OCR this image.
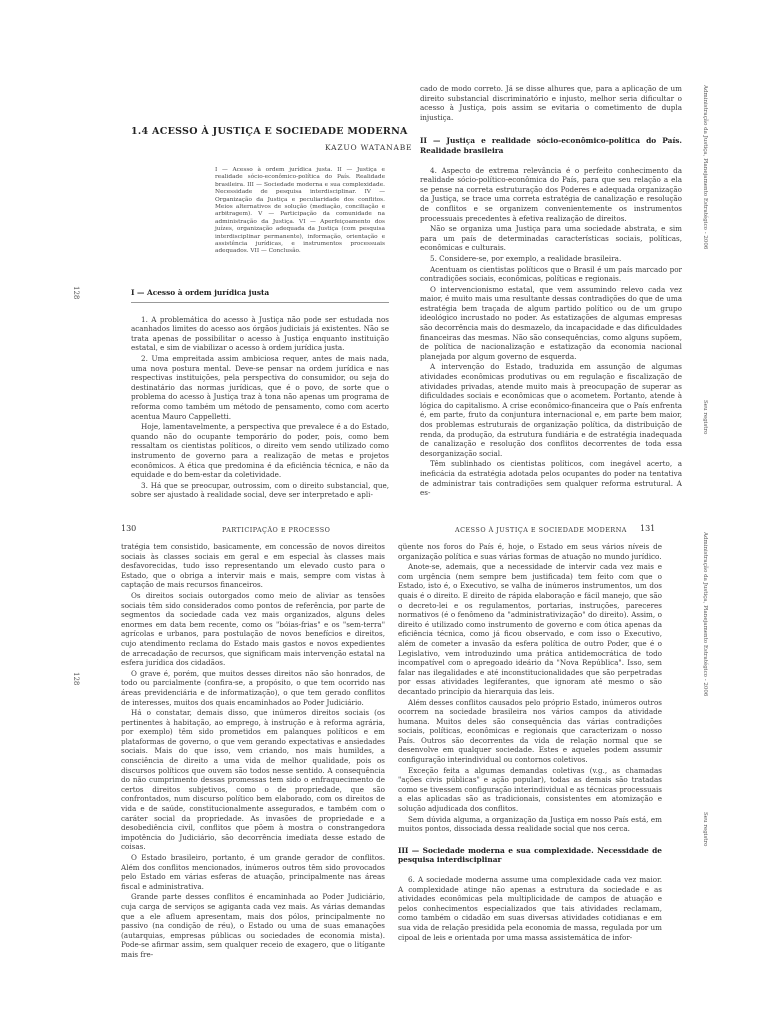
1.4 ACESSO À JUSTIÇA E SOCIEDADE MODERNA
KAZUO WATANABE
I — Acesso à ordem jurídica justa. II — Justiça e realidade sócio-econômico-política do País. Realidade brasileira. III — Sociedade moderna e sua complexidade. Necessidade de pesquisa interdisciplinar. IV — Organização da Justiça e peculiaridade dos conflitos. Meios alternativos de solução (mediação, conciliação e arbitragem). V — Participação da comunidade na administração da Justiça. VI — Aperfeiçoamento dos juízes, organização adequada da Justiça (com pesquisa interdisciplinar permanente), informação, orientação e assistência jurídicas, e instrumentos processuais adequados. VII — Conclusão.
128	I — Acesso à ordem jurídica justa

1. A problemática do acesso à Justiça não pode ser estudada nos acanhados limites do acesso aos órgãos judiciais já existentes. Não se trata apenas de possibilitar o acesso à Justiça enquanto instituição estatal, e sim de viabilizar o acesso à ordem jurídica justa.

2. Uma empreitada assim ambiciosa requer, antes de mais nada, uma nova postura mental. Deve-se pensar na ordem jurídica e nas respectivas instituições, pela perspectiva do consumidor, ou seja do destinatário das normas jurídicas, que é o povo, de sorte que o problema do acesso à Justiça traz à tona não apenas um programa de reforma como também um método de pensamento, como com acerto acentua Mauro Cappelletti.

Hoje, lamentavelmente, a perspectiva que prevalece é a do Estado, quando não do ocupante temporário do poder, pois, como bem ressaltam os cientistas políticos, o direito vem sendo utilizado como instrumento de governo para a realização de metas e projetos econômicos. A ética que predomina é da eficiência técnica, e não da equidade e do bem-estar da coletividade.

3. Há que se preocupar, outrossim, com o direito substancial, que, sobre ser ajustado à realidade social, deve ser interpretado e apli-

cado de modo correto. Já se disse alhures que, para a aplicação de um direito substancial discriminatório e injusto, melhor seria dificultar o acesso à Justiça, pois assim se evitaria o cometimento de dupla injustiça.

II — Justiça e realidade sócio-econômico-política do País. Realidade brasileira

4. Aspecto de extrema relevância é o perfeito conhecimento da realidade sócio-político-econômica do País, para que seu relação a ela se pense na correta estruturação dos Poderes e adequada organização da Justiça, se trace uma correta estratégia de canalização e resolução de conflitos e se organizem convenientemente os instrumentos processuais precedentes à efetiva realização de direitos.

Não se organiza uma Justiça para uma sociedade abstrata, e sim para um país de determinadas características sociais, políticas, econômicas e culturais.

5. Considere-se, por exemplo, a realidade brasileira.

Acentuam os cientistas políticos que o Brasil é um país marcado por contradições sociais, econômicas, políticas e regionais.

O intervencionismo estatal, que vem assumindo relevo cada vez maior, é muito mais uma resultante dessas contradições do que de uma estratégia bem traçada de algum partido político ou de um grupo ideológico incrustado no poder. As estatizações de algumas empresas são decorrência mais do desmazelo, da incapacidade e das dificuldades financeiras das mesmas. Não são consequências, como alguns supõem, de política de nacionalização e estatização da economia nacional planejada por algum governo de esquerda.

A intervenção do Estado, traduzida em assunção de algumas atividades econômicas produtivas ou em regulação e fiscalização de atividades privadas, atende muito mais à preocupação de superar as dificuldades sociais e econômicas que o acometem. Portanto, atende à lógica do capitalismo. A crise econômico-financeira que o País enfrenta é, em parte, fruto da conjuntura internacional e, em parte bem maior, dos problemas estruturais de organização política, da distribuição de renda, da produção, da estrutura fundiária e de estratégia inadequada de canalização e resolução dos conflitos decorrentes de toda essa desorganização social.

Têm sublinhado os cientistas políticos, com inegável acerto, a ineficácia da estratégia adotada pelos ocupantes do poder na tentativa de administrar tais contradições sem qualquer reforma estrutural. A es-

Administração da Justiça, Planejamento Estratégico - 2006
Seu registro
130	PARTICIPAÇÃO E PROCESSO	ACESSO À JUSTIÇA E SOCIEDADE MODERNA 131
128

tratégia tem consistido, basicamente, em concessão de novos direitos sociais às classes sociais em geral e em especial às classes mais desfavorecidas, tudo isso representando um elevado custo para o Estado, que o obriga a intervir mais e mais, sempre com vistas à captação de mais recursos financeiros.

Os direitos sociais outorgados como meio de aliviar as tensões sociais têm sido considerados como pontos de referência, por parte de segmentos da sociedade cada vez mais organizados, alguns deles enormes em data bem recente, como os "bóias-frias" e os "sem-terra" agrícolas e urbanos, para postulação de novos benefícios e direitos, cujo atendimento reclama do Estado mais gastos e novos expedientes de arrecadação de recursos, que significam mais intervenção estatal na esfera jurídica dos cidadãos.

O grave é, porém, que muitos desses direitos não são honrados, de todo ou parcialmente (confira-se, a propósito, o que tem ocorrido nas áreas previdenciária e de informatização), o que tem gerado conflitos de interesses, muitos dos quais encaminhados ao Poder Judiciário.

Há o constatar, demais disso, que inúmeros direitos sociais (os pertinentes à habitação, ao emprego, à instrução e à reforma agrária, por exemplo) têm sido prometidos em palanques políticos e em plataformas de governo, o que vem gerando expectativas e ansiedades sociais. Mais do que isso, vem criando, nos mais humildes, a consciência de direito a uma vida de melhor qualidade, pois os discursos políticos que ouvem são todos nesse sentido. A consequência do não cumprimento dessas promessas tem sido o enfraquecimento de certos direitos subjetivos, como o de propriedade, que são confrontados, num discurso político bem elaborado, com os direitos de vida e de saúde, constitucionalmente assegurados, e também com o caráter social da propriedade. As invasões de propriedade e a desobediência civil, conflitos que põem à mostra o constrangedora impotência do Judiciário, são decorrência imediata desse estado de coisas.

O Estado brasileiro, portanto, é um grande gerador de conflitos. Além dos conflitos mencionados, inúmeros outros têm sido provocados pelo Estado em várias esferas de atuação, principalmente nas áreas fiscal e administrativa.

Grande parte desses conflitos é encaminhada ao Poder Judiciário, cuja carga de serviços se agiganta cada vez mais. As várias demandas que a ele afluem apresentam, mais dos pólos, principalmente no passivo (na condição de réu), o Estado ou uma de suas emanações (autarquias, empresas públicas ou sociedades de economia mista). Pode-se afirmar assim, sem qualquer receio de exagero, que o litígante mais fre-

qüente nos foros do País é, hoje, o Estado em seus vários níveis de organização política e suas várias formas de atuação no mundo jurídico.

Anote-se, ademais, que a necessidade de intervir cada vez mais e com urgência (nem sempre bem justificada) tem feito com que o Estado, isto é, o Executivo, se valha de inúmeros instrumentos, um dos quais é o direito. E direito de rápida elaboração e fácil manejo, que são o decreto-lei e os regulamentos, portarias, instruções, pareceres normativos (é o fenômeno da "administrativização" do direito). Assim, o direito é utilizado como instrumento de governo e com ótica apenas da eficiência técnica, como já ficou observado, e com isso o Executivo, além de cometer a invasão da esfera política de outro Poder, que é o Legislativo, vem introduzindo uma prática antidemocrática de todo incompatível com o apregoado ideário da "Nova República". Isso, sem falar nas ilegalidades e até inconstitucionalidades que são perpetradas por essas atividades legiferantes, que ignoram até mesmo o são decantado princípio da hierarquia das leis.

Além desses conflitos causados pelo próprio Estado, inúmeros outros ocorrem na sociedade brasileira nos vários campos da atividade humana. Muitos deles são consequência das várias contradições sociais, políticas, econômicas e regionais que caracterizam o nosso País. Outros são decorrentes da vida de relação normal que se desenvolve em qualquer sociedade. Estes e aqueles podem assumir configuração interindividual ou contornos coletivos.

Exceção feita a algumas demandas coletivas (v.g., as chamadas "ações civis públicas" e ação popular), todas as demais são tratadas como se tivessem configuração interindividual e as técnicas processuais a elas aplicadas são as tradicionais, consistentes em atomização e solução adjudicada dos conflitos.

Sem dúvida alguma, a organização da Justiça em nosso País está, em muitos pontos, dissociada dessa realidade social que nos cerca.

III — Sociedade moderna e sua complexidade. Necessidade de pesquisa interdisciplinar

6. A sociedade moderna assume uma complexidade cada vez maior. A complexidade atinge não apenas a estrutura da sociedade e as atividades econômicas pela multiplicidade de campos de atuação e pelos conhecimentos especializados que tais atividades reclamam, como também o cidadão em suas diversas atividades cotidianas e em sua vida de relação presidida pela economia de massa, regulada por um cipoal de leis e orientada por uma massa assistemática de infor-

Administração da Justiça, Planejamento Estratégico - 2006
Seu registro
